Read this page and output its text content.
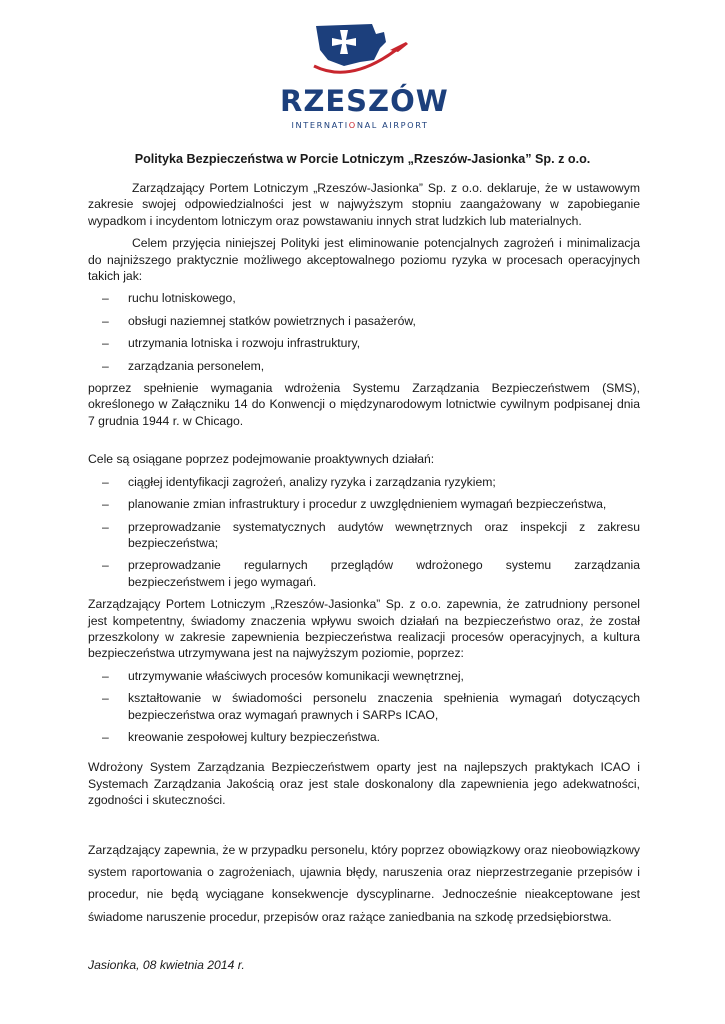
RZESZÓW
INTERNATIONAL AIRPORT
Polityka Bezpieczeństwa w Porcie Lotniczym „Rzeszów-Jasionka” Sp. z o.o.

Zarządzający Portem Lotniczym „Rzeszów-Jasionka” Sp. z o.o. deklaruje, że w ustawowym zakresie swojej odpowiedzialności jest w najwyższym stopniu zaangażowany w zapobieganie wypadkom i incydentom lotniczym oraz powstawaniu innych strat ludzkich lub materialnych.

Celem przyjęcia niniejszej Polityki jest eliminowanie potencjalnych zagrożeń i minimalizacja do najniższego praktycznie możliwego akceptowalnego poziomu ryzyka w procesach operacyjnych takich jak:

– ruchu lotniskowego,
– obsługi naziemnej statków powietrznych i pasażerów,
– utrzymania lotniska i rozwoju infrastruktury,
– zarządzania personelem,

poprzez spełnienie wymagania wdrożenia Systemu Zarządzania Bezpieczeństwem (SMS), określonego w Załączniku 14 do Konwencji o międzynarodowym lotnictwie cywilnym podpisanej dnia 7 grudnia 1944 r. w Chicago.

Cele są osiągane poprzez podejmowanie proaktywnych działań:

– ciągłej identyfikacji zagrożeń, analizy ryzyka i zarządzania ryzykiem;
– planowanie zmian infrastruktury i procedur z uwzględnieniem wymagań bezpieczeństwa,
– przeprowadzanie systematycznych audytów wewnętrznych oraz inspekcji z zakresu bezpieczeństwa;
– przeprowadzanie regularnych przeglądów wdrożonego systemu zarządzania bezpieczeństwem i jego wymagań.

Zarządzający Portem Lotniczym „Rzeszów-Jasionka” Sp. z o.o. zapewnia, że zatrudniony personel jest kompetentny, świadomy znaczenia wpływu swoich działań na bezpieczeństwo oraz, że został przeszkolony w zakresie zapewnienia bezpieczeństwa realizacji procesów operacyjnych, a kultura bezpieczeństwa utrzymywana jest na najwyższym poziomie, poprzez:

– utrzymywanie właściwych procesów komunikacji wewnętrznej,
– kształtowanie w świadomości personelu znaczenia spełnienia wymagań dotyczących bezpieczeństwa oraz wymagań prawnych i SARPs ICAO,
– kreowanie zespołowej kultury bezpieczeństwa.

Wdrożony System Zarządzania Bezpieczeństwem oparty jest na najlepszych praktykach ICAO i Systemach Zarządzania Jakością oraz jest stale doskonalony dla zapewnienia jego adekwatności, zgodności i skuteczności.

Zarządzający zapewnia, że w przypadku personelu, który poprzez obowiązkowy oraz nieobowiązkowy system raportowania o zagrożeniach, ujawnia błędy, naruszenia oraz nieprzestrzeganie przepisów i procedur, nie będą wyciągane konsekwencje dyscyplinarne. Jednocześnie nieakceptowane jest świadome naruszenie procedur, przepisów oraz rażące zaniedbania na szkodę przedsiębiorstwa.

Jasionka, 08 kwietnia 2014 r.
